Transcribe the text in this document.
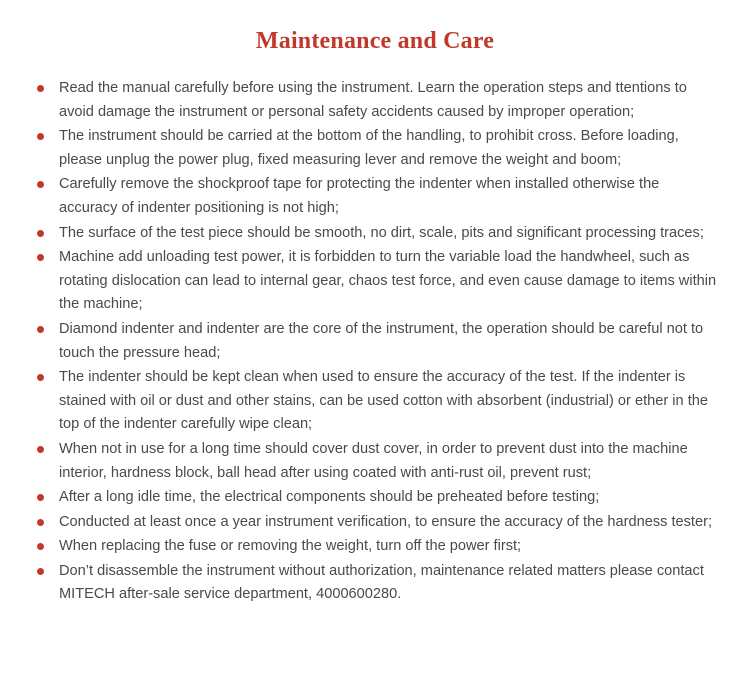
Maintenance and Care
Read the manual carefully before using the instrument. Learn the operation steps and ttentions to avoid damage the instrument or personal safety accidents caused by improper operation;
The instrument should be carried at the bottom of the handling, to prohibit cross. Before loading, please unplug the power plug, fixed measuring lever and remove the weight and boom;
Carefully remove the shockproof tape for protecting the indenter when installed otherwise the accuracy of indenter positioning is not high;
The surface of the test piece should be smooth, no dirt, scale, pits and significant processing traces;
Machine add unloading test power, it is forbidden to turn the variable load the handwheel, such as rotating dislocation can lead to internal gear, chaos test force, and even cause damage to items within the machine;
Diamond indenter and indenter are the core of the instrument, the operation should be careful not to touch the pressure head;
The indenter should be kept clean when used to ensure the accuracy of the test. If the indenter is stained with oil or dust and other stains, can be used cotton with absorbent (industrial) or ether in the top of the indenter carefully wipe clean;
When not in use for a long time should cover dust cover, in order to prevent dust into the machine interior, hardness block, ball head after using coated with anti-rust oil, prevent rust;
After a long idle time, the electrical components should be preheated before testing;
Conducted at least once a year instrument verification, to ensure the accuracy of the hardness tester;
When replacing the fuse or removing the weight, turn off the power first;
Don’t disassemble the instrument without authorization, maintenance related matters please contact MITECH after-sale service department, 4000600280.
